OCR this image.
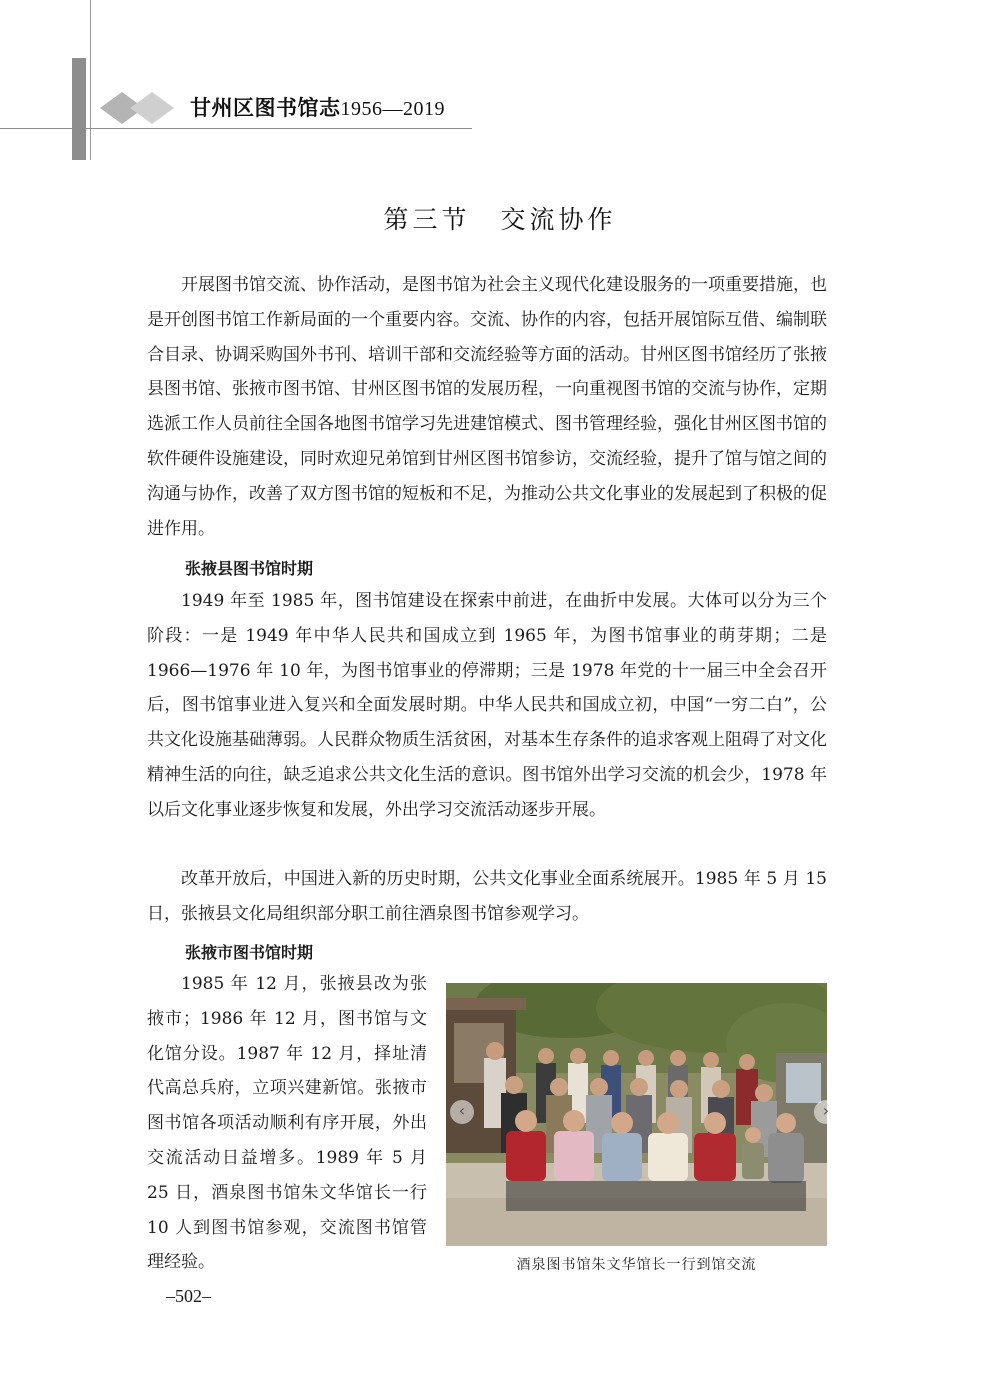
甘州区图书馆志1956—2019
第三节 交流协作

开展图书馆交流、协作活动，是图书馆为社会主义现代化建设服务的一项重要措施，也是开创图书馆工作新局面的一个重要内容。交流、协作的内容，包括开展馆际互借、编制联合目录、协调采购国外书刊、培训干部和交流经验等方面的活动。甘州区图书馆经历了张掖县图书馆、张掖市图书馆、甘州区图书馆的发展历程，一向重视图书馆的交流与协作，定期选派工作人员前往全国各地图书馆学习先进建馆模式、图书管理经验，强化甘州区图书馆的软件硬件设施建设，同时欢迎兄弟馆到甘州区图书馆参访，交流经验，提升了馆与馆之间的沟通与协作，改善了双方图书馆的短板和不足，为推动公共文化事业的发展起到了积极的促进作用。

张掖县图书馆时期

1949 年至 1985 年，图书馆建设在探索中前进，在曲折中发展。大体可以分为三个阶段：一是 1949 年中华人民共和国成立到 1965 年，为图书馆事业的萌芽期；二是 1966—1976 年 10 年，为图书馆事业的停滞期；三是 1978 年党的十一届三中全会召开后，图书馆事业进入复兴和全面发展时期。中华人民共和国成立初，中国“一穷二白”，公共文化设施基础薄弱。人民群众物质生活贫困，对基本生存条件的追求客观上阻碍了对文化精神生活的向往，缺乏追求公共文化生活的意识。图书馆外出学习交流的机会少，1978 年以后文化事业逐步恢复和发展，外出学习交流活动逐步开展。

改革开放后，中国进入新的历史时期，公共文化事业全面系统展开。1985 年 5 月 15 日，张掖县文化局组织部分职工前往酒泉图书馆参观学习。

张掖市图书馆时期

1985 年 12 月，张掖县改为张掖市；1986 年 12 月，图书馆与文化馆分设。1987 年 12 月，择址清代高总兵府，立项兴建新馆。张掖市图书馆各项活动顺利有序开展，外出交流活动日益增多。1989 年 5 月 25 日，酒泉图书馆朱文华馆长一行 10 人到图书馆参观，交流图书馆管理经验。

‹	›
酒泉图书馆朱文华馆长一行到馆交流
–502–
